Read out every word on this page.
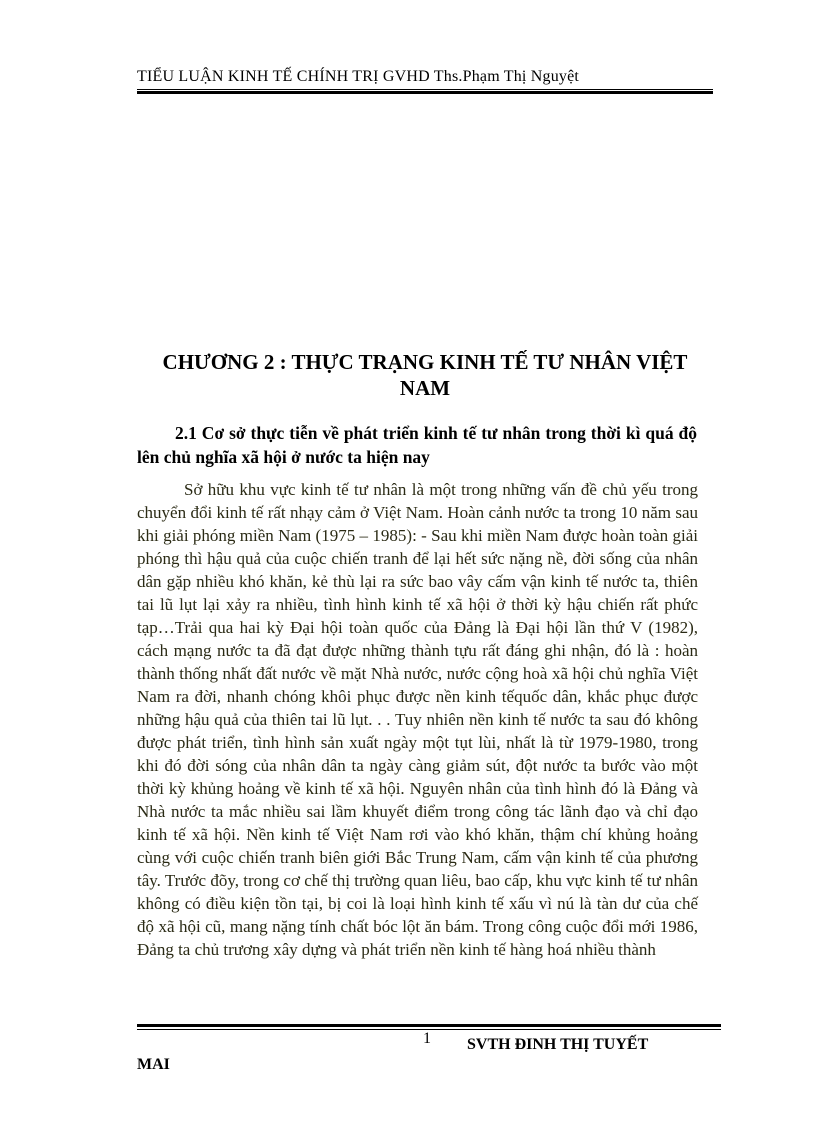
TIỂU LUẬN KINH TẾ CHÍNH TRỊ GVHD Ths.Phạm Thị Nguyệt
CHƯƠNG 2 : THỰC TRẠNG KINH TẾ TƯ NHÂN VIỆT NAM
2.1 Cơ sở thực tiễn về phát triển kinh tế tư nhân trong thời kì quá độ lên chủ nghĩa xã hội ở nước ta hiện nay
Sở hữu khu vực kinh tế tư nhân là một trong những vấn đề chủ yếu trong chuyển đổi kinh tế rất nhạy cảm ở Việt Nam. Hoàn cảnh nước ta trong 10 năm sau khi giải phóng miền Nam (1975 – 1985): - Sau khi miền Nam được hoàn toàn giải phóng thì hậu quả của cuộc chiến tranh để lại hết sức nặng nề, đời sống của nhân dân gặp nhiều khó khăn, kẻ thù lại ra sức bao vây cấm vận kinh tế nước ta, thiên tai lũ lụt lại xảy ra nhiều, tình hình kinh tế xã hội ở thời kỳ hậu chiến rất phức tạp…Trải qua hai kỳ Đại hội toàn quốc của Đảng là Đại hội lần thứ V (1982), cách mạng nước ta đã đạt được những thành tựu rất đáng ghi nhận, đó là : hoàn thành thống nhất đất nước về mặt Nhà nước, nước cộng hoà xã hội chủ nghĩa Việt Nam ra đời, nhanh chóng khôi phục được nền kinh tếquốc dân, khắc phục được những hậu quả của thiên tai lũ lụt. . . Tuy nhiên nền kinh tế nước ta sau đó không được phát triển, tình hình sản xuất ngày một tụt lùi, nhất là từ 1979-1980, trong khi đó đời sóng của nhân dân ta ngày càng giảm sút, đột nước ta bước vào một thời kỳ khủng hoảng về kinh tế xã hội. Nguyên nhân của tình hình đó là Đảng và Nhà nước ta mắc nhiều sai lầm khuyết điểm trong công tác lãnh đạo và chỉ đạo kinh tế xã hội. Nền kinh tế Việt Nam rơi vào khó khăn, thậm chí khủng hoảng cùng với cuộc chiến tranh biên giới Bắc Trung Nam, cấm vận kinh tế của phương tây. Trước đõy, trong cơ chế thị trường quan liêu, bao cấp, khu vực kinh tế tư nhân không có điều kiện tồn tại, bị coi là loại hình kinh tế xấu vì nú là tàn dư của chế độ xã hội cũ, mang nặng tính chất bóc lột ăn bám. Trong công cuộc đổi mới 1986, Đảng ta chủ trương xây dựng và phát triển nền kinh tế hàng hoá nhiều thành
1 SVTH ĐINH THỊ TUYẾT
MAI
